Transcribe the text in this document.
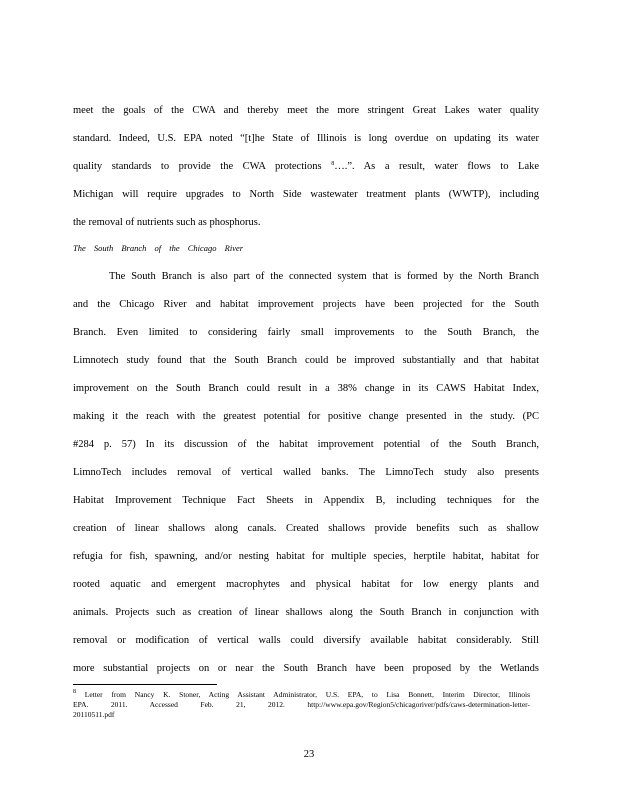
meet the goals of the CWA and thereby meet the more stringent Great Lakes water quality
standard. Indeed, U.S. EPA noted “[t]he State of Illinois is long overdue on updating its water
quality standards to provide the CWA protections $^8$….”. As a result, water flows to Lake
Michigan will require upgrades to North Side wastewater treatment plants (WWTP), including
the removal of nutrients such as phosphorus.
The South Branch of the Chicago River
The South Branch is also part of the connected system that is formed by the North Branch
and the Chicago River and habitat improvement projects have been projected for the South
Branch. Even limited to considering fairly small improvements to the South Branch, the
Limnotech study found that the South Branch could be improved substantially and that habitat
improvement on the South Branch could result in a 38% change in its CAWS Habitat Index,
making it the reach with the greatest potential for positive change presented in the study. (PC
#284 p. 57) In its discussion of the habitat improvement potential of the South Branch,
LimnoTech includes removal of vertical walled banks. The LimnoTech study also presents
Habitat Improvement Technique Fact Sheets in Appendix B, including techniques for the
creation of linear shallows along canals. Created shallows provide benefits such as shallow
refugia for fish, spawning, and/or nesting habitat for multiple species, herptile habitat, habitat for
rooted aquatic and emergent macrophytes and physical habitat for low energy plants and
animals. Projects such as creation of linear shallows along the South Branch in conjunction with
removal or modification of vertical walls could diversify available habitat considerably. Still
more substantial projects on or near the South Branch have been proposed by the Wetlands
$^8$ Letter from Nancy K. Stoner, Acting Assistant Administrator, U.S. EPA, to Lisa Bonnett, Interim Director, Illinois
EPA. 2011. Accessed Feb. 21, 2012. http://www.epa.gov/Region5/chicagoriver/pdfs/caws-determination-letter-
20110511.pdf
23
